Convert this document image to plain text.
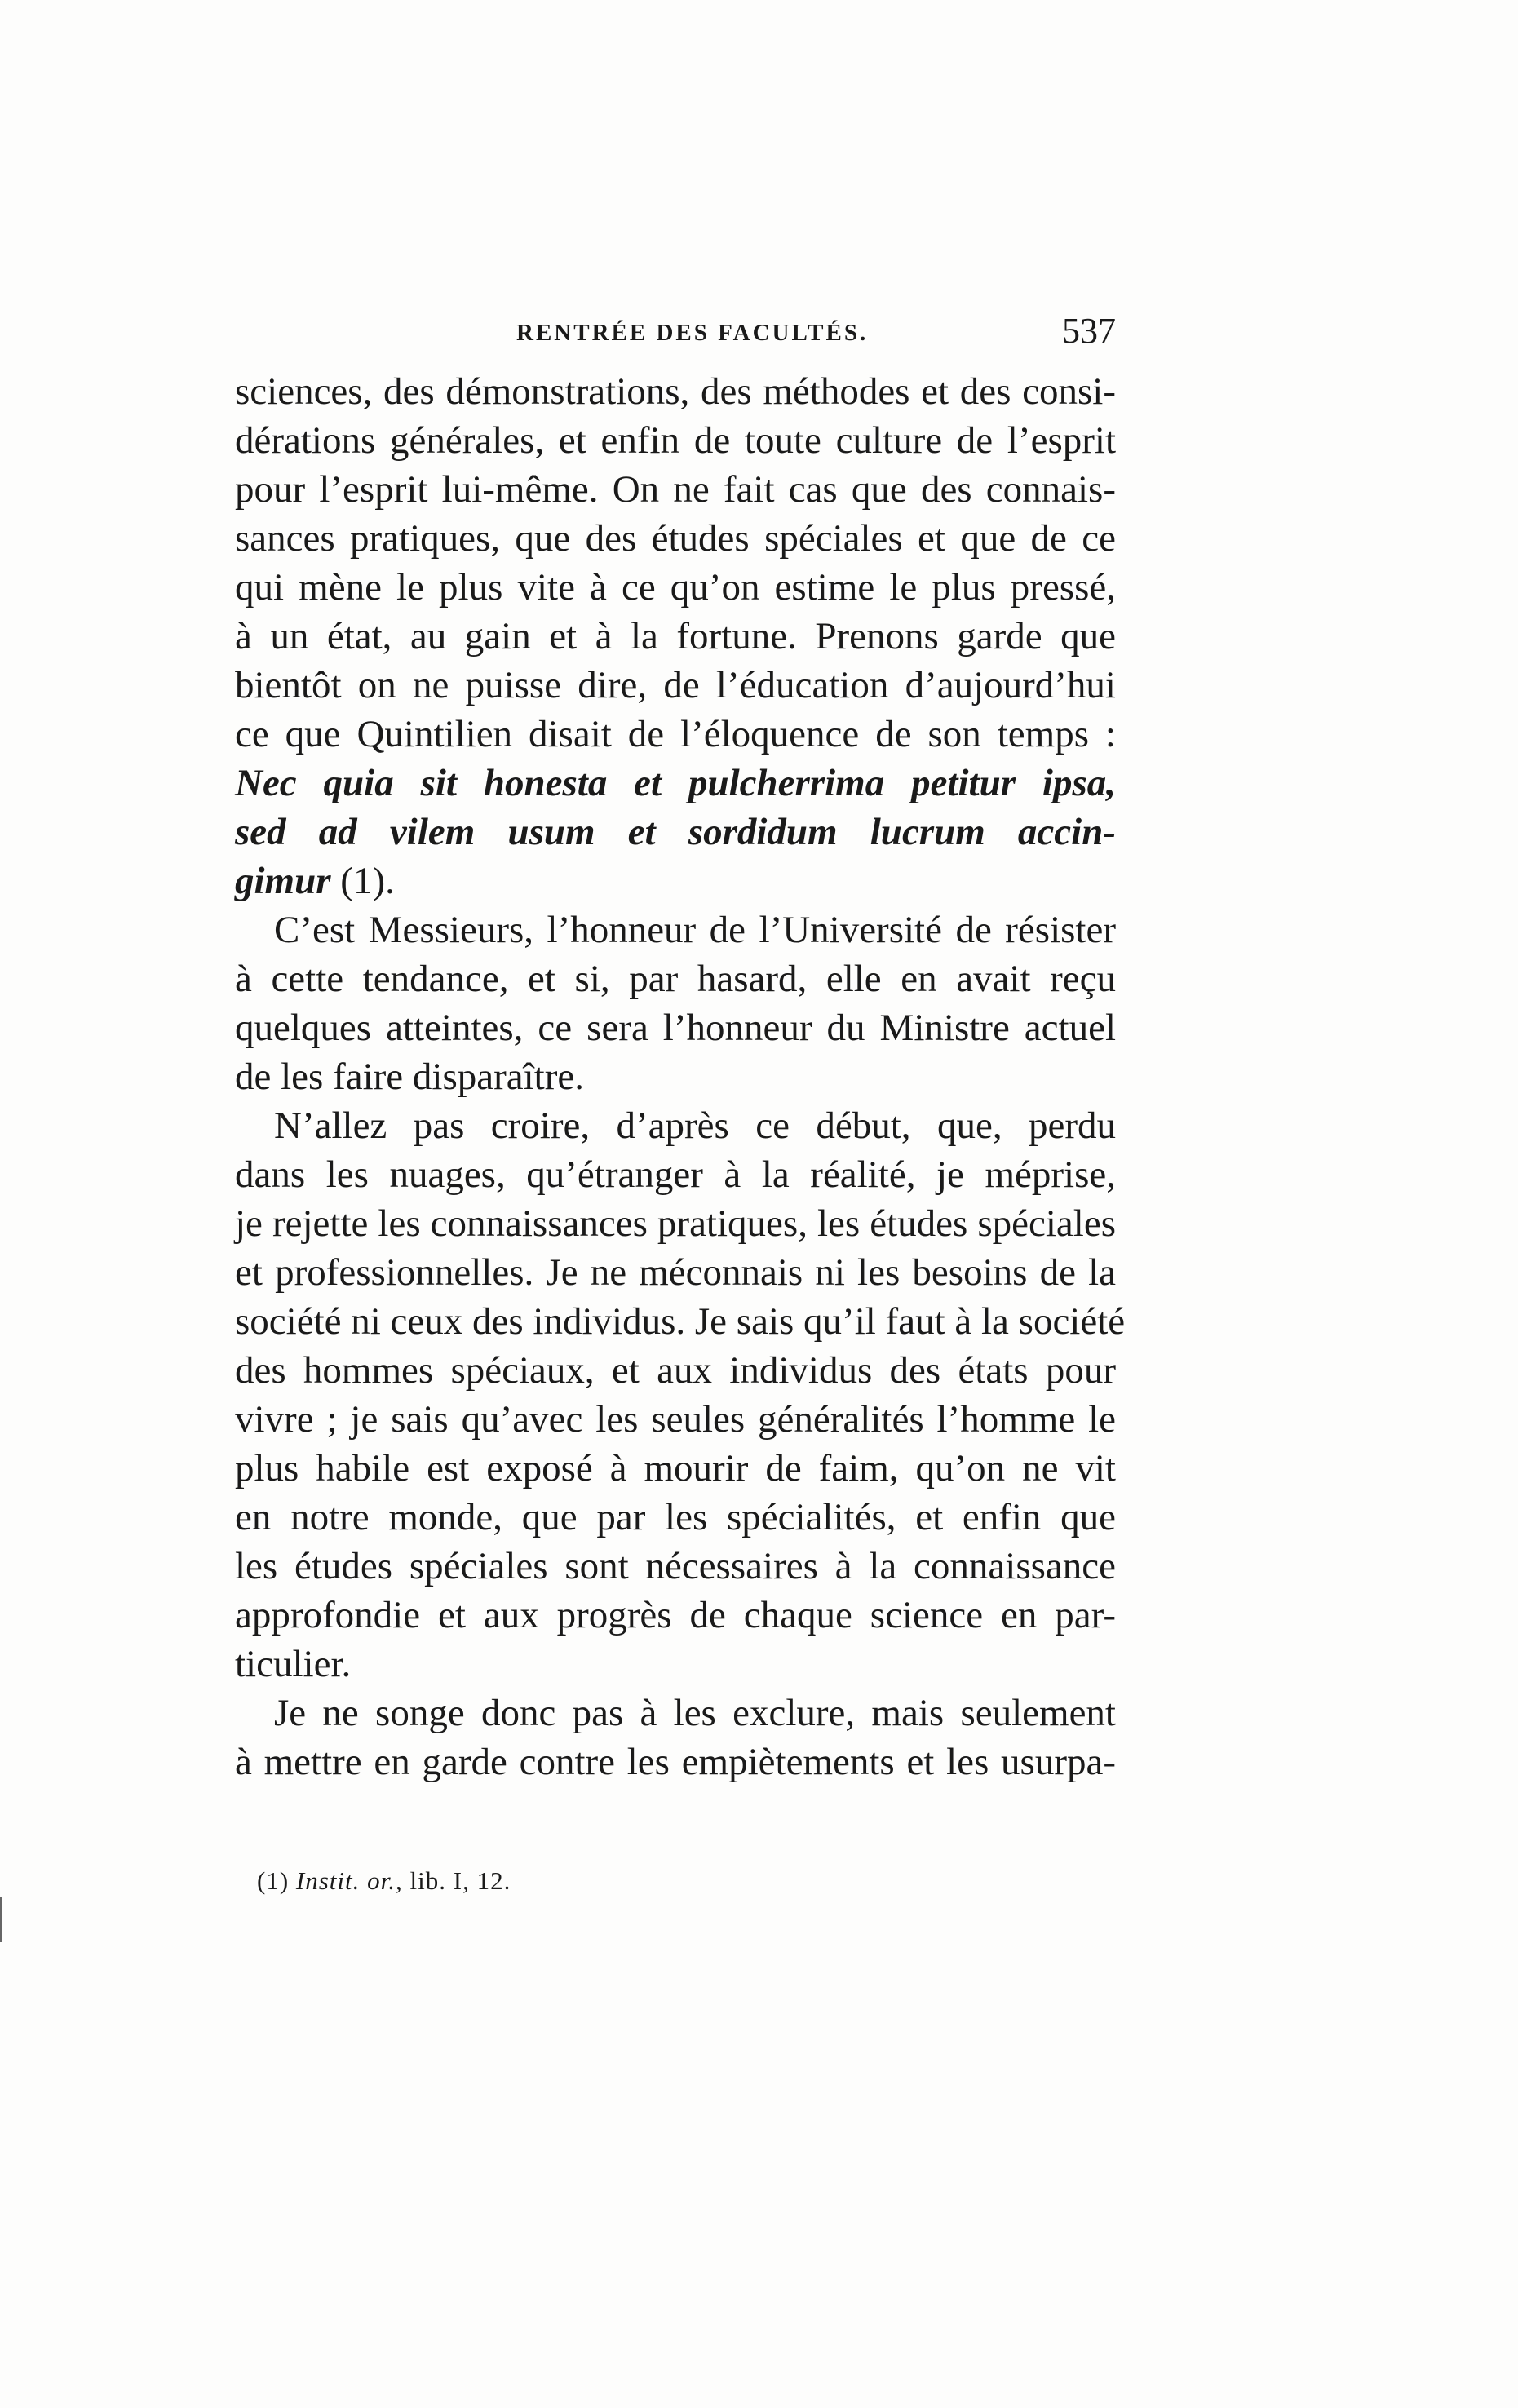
RENTRÉE DES FACULTÉS.	537
sciences, des démonstrations, des méthodes et des consi-
dérations générales, et enfin de toute culture de l’esprit
pour l’esprit lui-même. On ne fait cas que des connais-
sances pratiques, que des études spéciales et que de ce
qui mène le plus vite à ce qu’on estime le plus pressé,
à un état, au gain et à la fortune. Prenons garde que
bientôt on ne puisse dire, de l’éducation d’aujourd’hui
ce que Quintilien disait de l’éloquence de son temps :
Nec quia sit honesta et pulcherrima petitur ipsa,
sed ad vilem usum et sordidum lucrum accin-
gimur (1).
C’est Messieurs, l’honneur de l’Université de résister
à cette tendance, et si, par hasard, elle en avait reçu
quelques atteintes, ce sera l’honneur du Ministre actuel
de les faire disparaître.
N’allez pas croire, d’après ce début, que, perdu
dans les nuages, qu’étranger à la réalité, je méprise,
je rejette les connaissances pratiques, les études spéciales
et professionnelles. Je ne méconnais ni les besoins de la
société ni ceux des individus. Je sais qu’il faut à la société
des hommes spéciaux, et aux individus des états pour
vivre ; je sais qu’avec les seules généralités l’homme le
plus habile est exposé à mourir de faim, qu’on ne vit
en notre monde, que par les spécialités, et enfin que
les études spéciales sont nécessaires à la connaissance
approfondie et aux progrès de chaque science en par-
ticulier.
Je ne songe donc pas à les exclure, mais seulement
à mettre en garde contre les empiètements et les usurpa-
(1) Instit. or., lib. I, 12.
